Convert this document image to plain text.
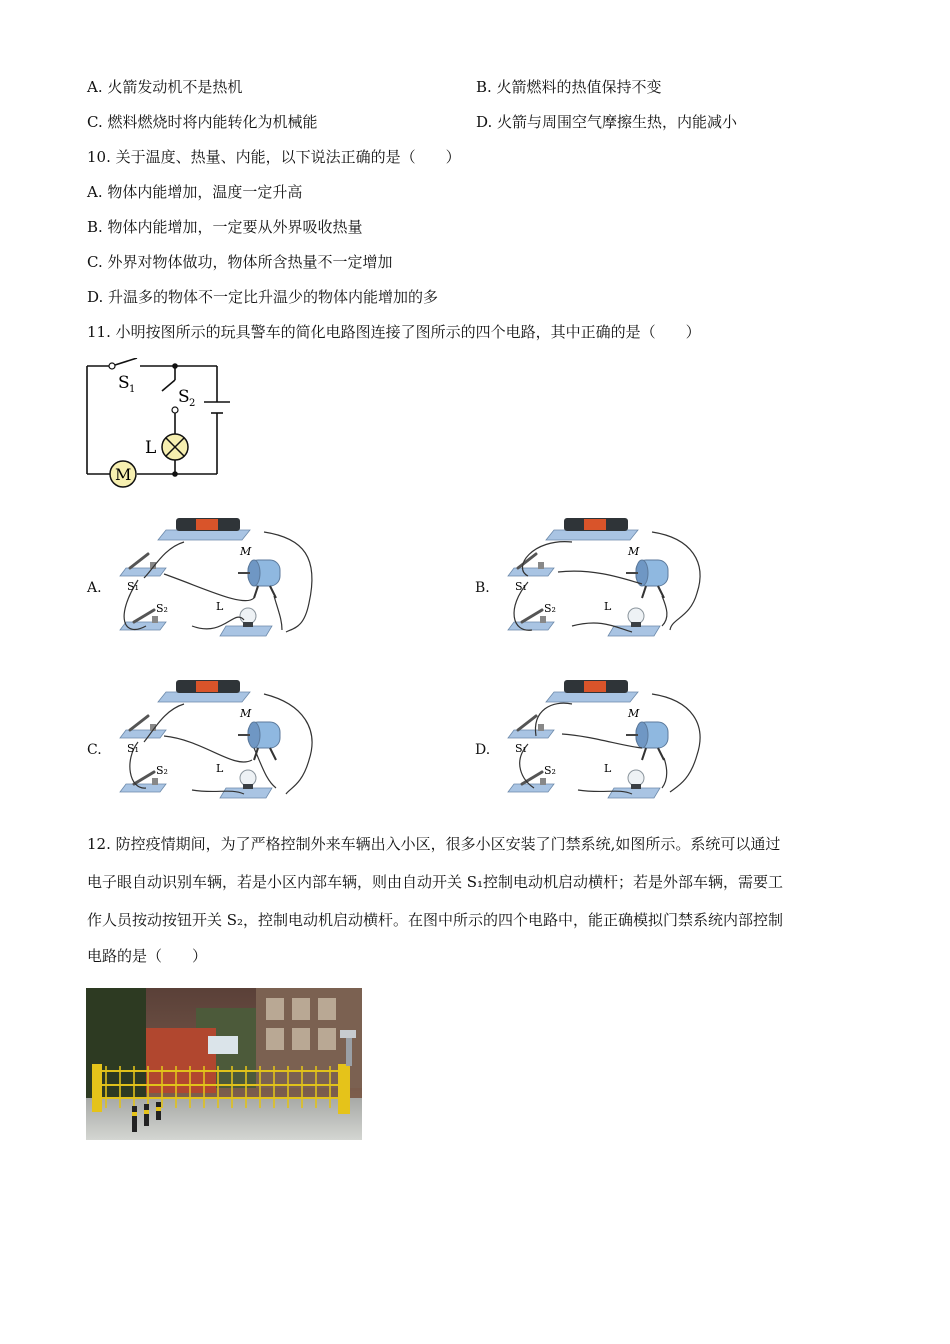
A. 火箭发动机不是热机	B. 火箭燃料的热值保持不变
C. 燃料燃烧时将内能转化为机械能	D. 火箭与周围空气摩擦生热，内能减小
10. 关于温度、热量、内能，以下说法正确的是（　　）
A. 物体内能增加，温度一定升高
B. 物体内能增加，一定要从外界吸收热量
C. 外界对物体做功，物体所含热量不一定增加
D. 升温多的物体不一定比升温少的物体内能增加的多
11. 小明按图所示的玩具警车的简化电路图连接了图所示的四个电路，其中正确的是（　　）
S 1	S 2
L
M
A. S₁
S₂
M
L
B. S₁
S₂
M
L
C. S₁
S₂
M
L
D. S₁
S₂
M
L
12. 防控疫情期间，为了严格控制外来车辆出入小区，很多小区安装了门禁系统,如图所示。系统可以通过
电子眼自动识别车辆，若是小区内部车辆，则由自动开关 S₁控制电动机启动横杆；若是外部车辆，需要工
作人员按动按钮开关 S₂，控制电动机启动横杆。在图中所示的四个电路中，能正确模拟门禁系统内部控制
电路的是（　　）
